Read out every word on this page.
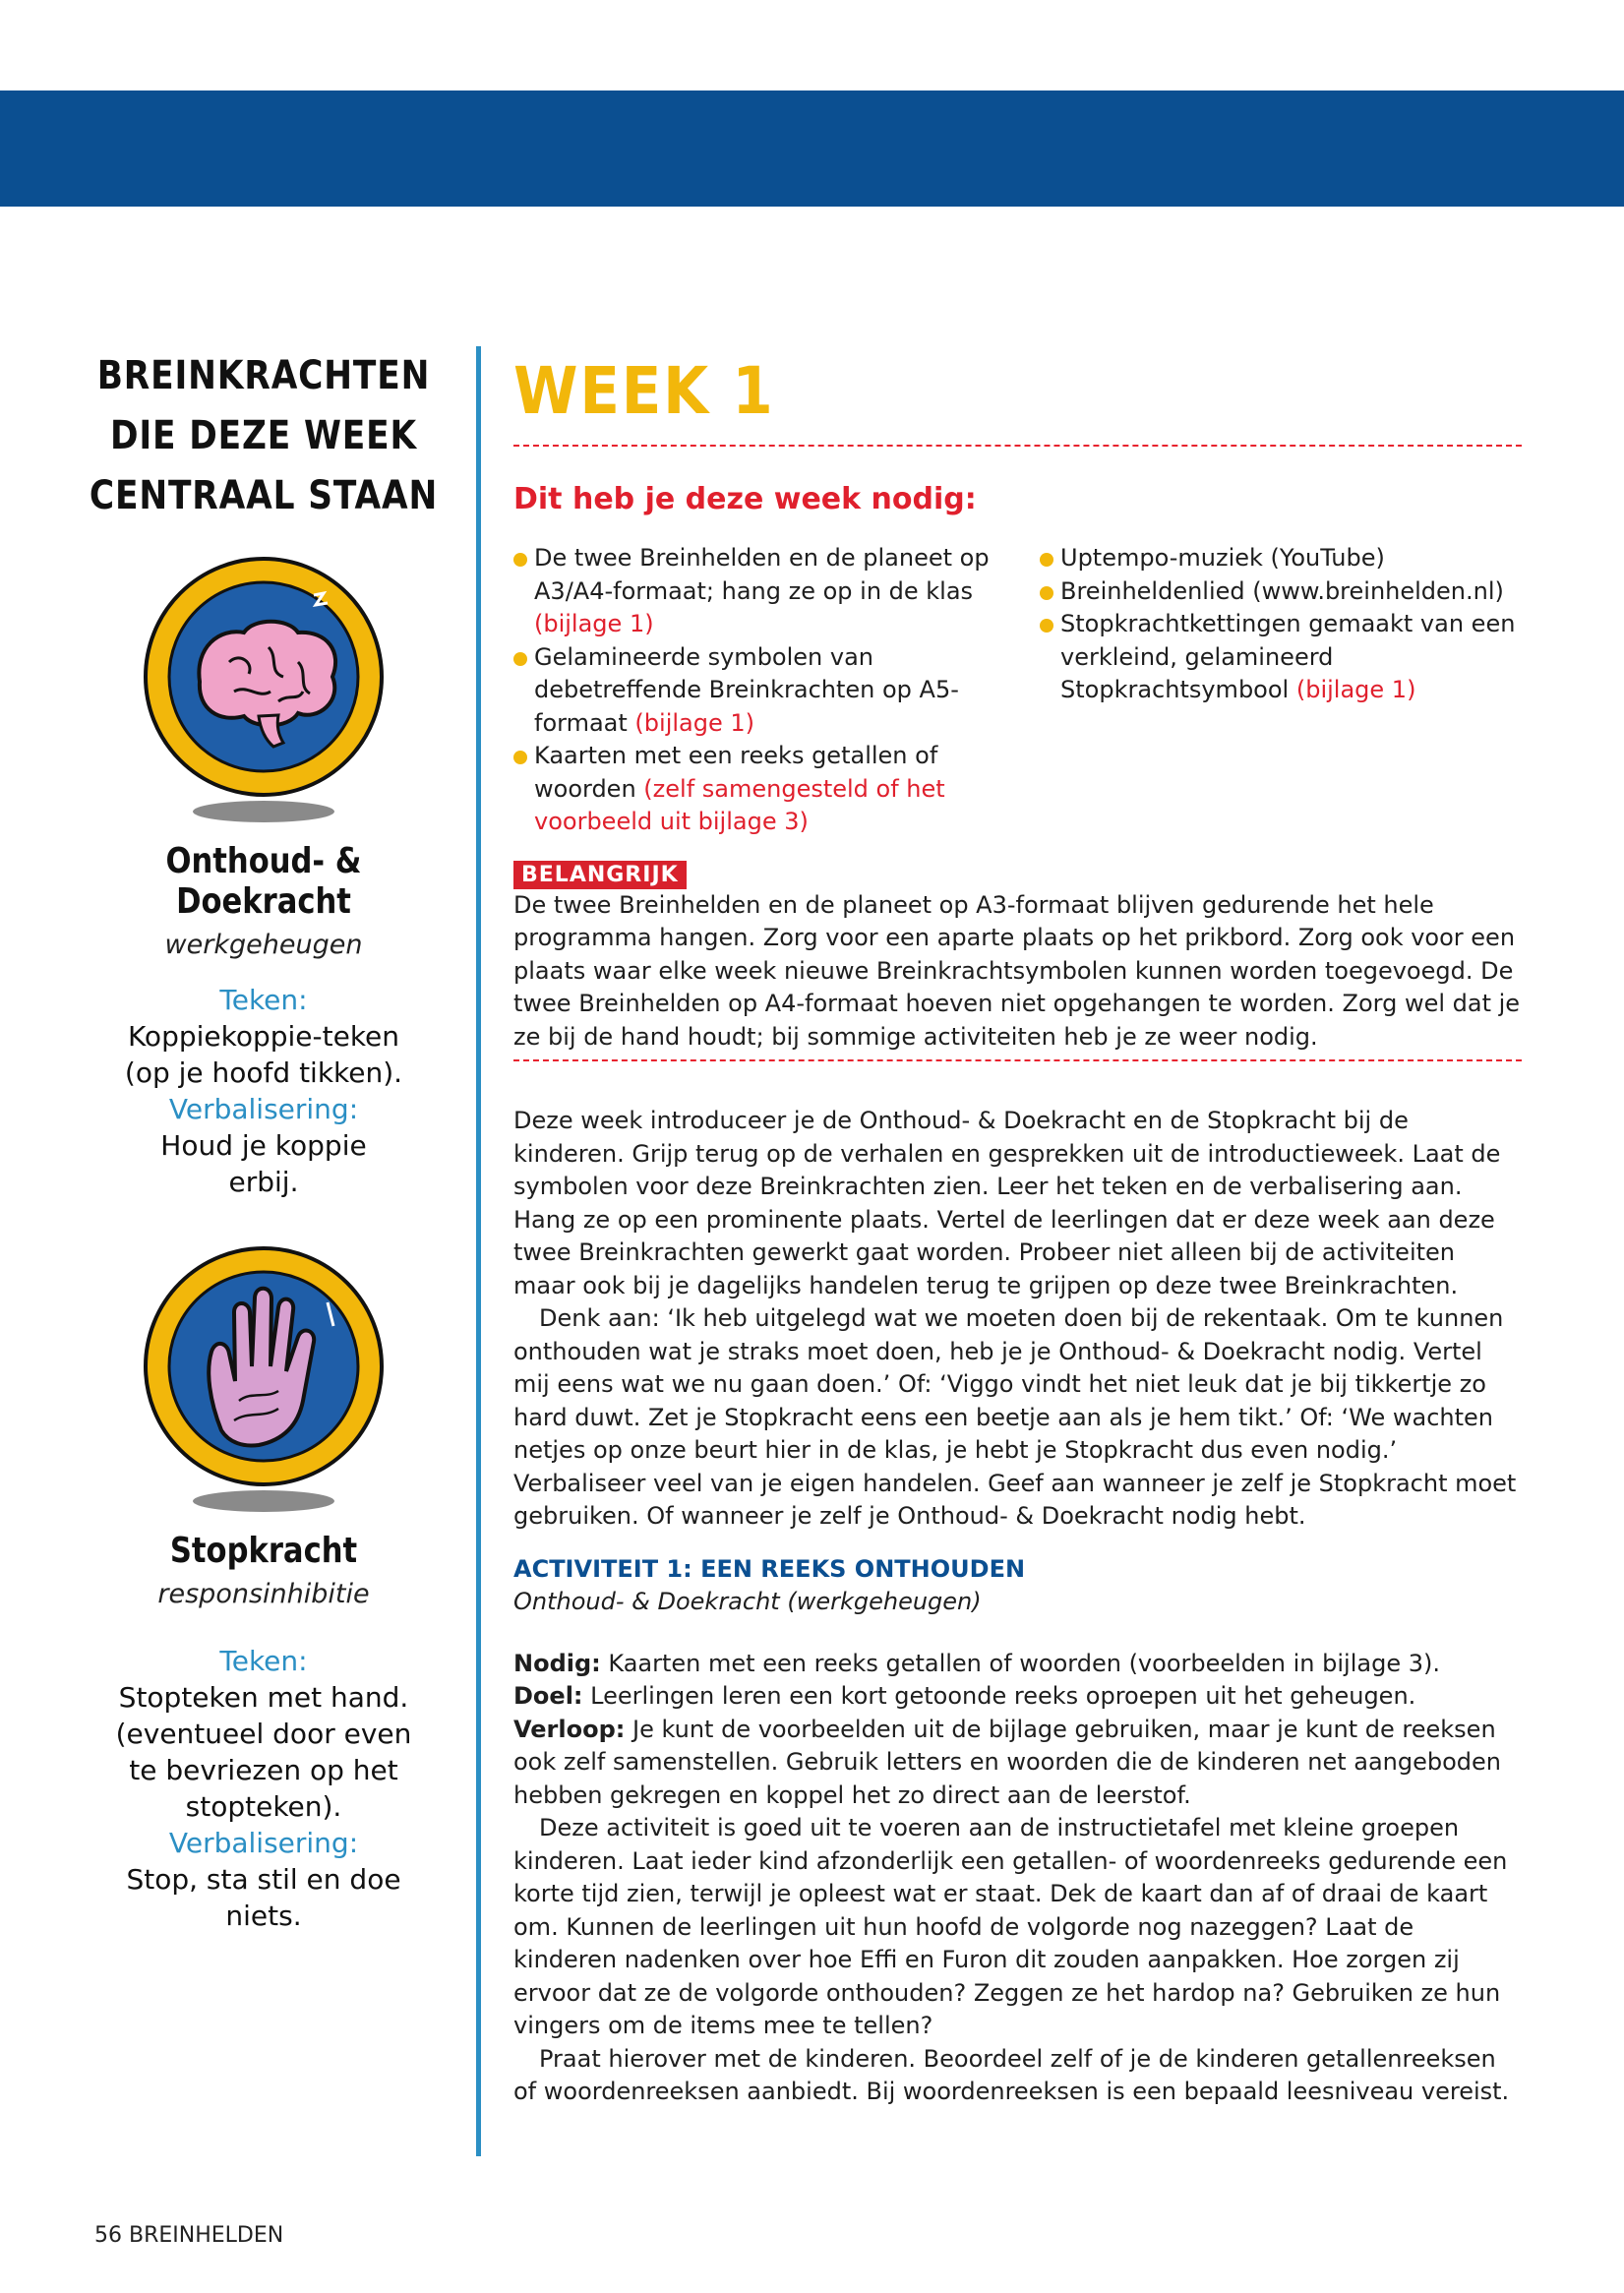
BREINKRACHTEN
DIE DEZE WEEK
CENTRAAL STAAN
Onthoud- & Doekracht
werkgeheugen
Teken:
Koppiekoppie-teken (op je hoofd tikken).
Verbalisering:
Houd je koppie erbij.
Stopkracht
responsinhibitie
Teken:
Stopteken met hand. (eventueel door even te bevriezen op het stopteken).
Verbalisering:
Stop, sta stil en doe niets.
WEEK 1
Dit heb je deze week nodig:
De twee Breinhelden en de planeet op A3/A4-formaat; hang ze op in de klas (bijlage 1)
Gelamineerde symbolen van debetreffende Breinkrachten op A5-formaat (bijlage 1)
Kaarten met een reeks getallen of woorden (zelf samengesteld of het voorbeeld uit bijlage 3)
Uptempo-muziek (YouTube)
Breinheldenlied (www.breinhelden.nl)
Stopkrachtkettingen gemaakt van een verkleind, gelamineerd Stopkrachtsymbool (bijlage 1)
BELANGRIJK

De twee Breinhelden en de planeet op A3-formaat blijven gedurende het hele programma hangen. Zorg voor een aparte plaats op het prikbord. Zorg ook voor een plaats waar elke week nieuwe Breinkrachtsymbolen kunnen worden toegevoegd. De twee Breinhelden op A4-formaat hoeven niet opgehangen te worden. Zorg wel dat je ze bij de hand houdt; bij sommige activiteiten heb je ze weer nodig.

Deze week introduceer je de Onthoud- & Doekracht en de Stopkracht bij de kinderen. Grijp terug op de verhalen en gesprekken uit de introductieweek. Laat de symbolen voor deze Breinkrachten zien. Leer het teken en de verbalisering aan. Hang ze op een prominente plaats. Vertel de leerlingen dat er deze week aan deze twee Breinkrachten gewerkt gaat worden. Probeer niet alleen bij de activiteiten maar ook bij je dagelijks handelen terug te grijpen op deze twee Breinkrachten.

Denk aan: ‘Ik heb uitgelegd wat we moeten doen bij de rekentaak. Om te kunnen onthouden wat je straks moet doen, heb je je Onthoud- & Doekracht nodig. Vertel mij eens wat we nu gaan doen.’ Of: ‘Viggo vindt het niet leuk dat je bij tikkertje zo hard duwt. Zet je Stopkracht eens een beetje aan als je hem tikt.’ Of: ‘We wachten netjes op onze beurt hier in de klas, je hebt je Stopkracht dus even nodig.’ Verbaliseer veel van je eigen handelen. Geef aan wanneer je zelf je Stopkracht moet gebruiken. Of wanneer je zelf je Onthoud- & Doekracht nodig hebt.

ACTIVITEIT 1: EEN REEKS ONTHOUDEN
Onthoud- & Doekracht (werkgeheugen)

Nodig: Kaarten met een reeks getallen of woorden (voorbeelden in bijlage 3).

Doel: Leerlingen leren een kort getoonde reeks oproepen uit het geheugen.

Verloop: Je kunt de voorbeelden uit de bijlage gebruiken, maar je kunt de reeksen ook zelf samenstellen. Gebruik letters en woorden die de kinderen net aangeboden hebben gekregen en koppel het zo direct aan de leerstof.

Deze activiteit is goed uit te voeren aan de instructietafel met kleine groepen kinderen. Laat ieder kind afzonderlijk een getallen- of woordenreeks gedurende een korte tijd zien, terwijl je opleest wat er staat. Dek de kaart dan af of draai de kaart om. Kunnen de leerlingen uit hun hoofd de volgorde nog nazeggen? Laat de kinderen nadenken over hoe Effi en Furon dit zouden aanpakken. Hoe zorgen zij ervoor dat ze de volgorde onthouden? Zeggen ze het hardop na? Gebruiken ze hun vingers om de items mee te tellen?

Praat hierover met de kinderen. Beoordeel zelf of je de kinderen getallenreeksen of woordenreeksen aanbiedt. Bij woordenreeksen is een bepaald leesniveau vereist.

56 BREINHELDEN
